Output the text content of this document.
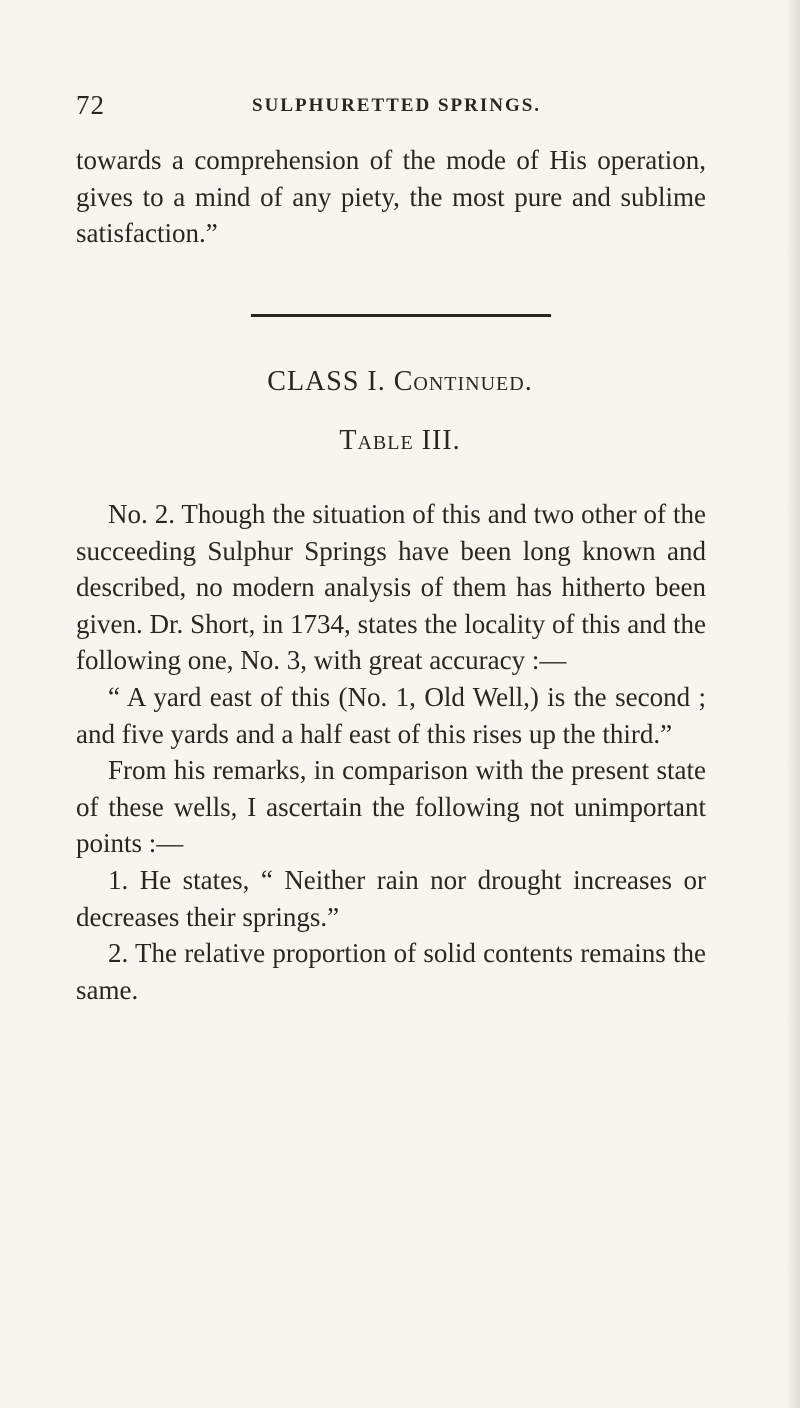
72	SULPHURETTED SPRINGS.

towards a comprehension of the mode of His operation, gives to a mind of any piety, the most pure and sublime satisfaction.”

CLASS I. Continued.
Table III.

No. 2. Though the situation of this and two other of the succeeding Sulphur Springs have been long known and described, no modern analysis of them has hitherto been given. Dr. Short, in 1734, states the locality of this and the following one, No. 3, with great accuracy :—

“ A yard east of this (No. 1, Old Well,) is the second ; and five yards and a half east of this rises up the third.”

From his remarks, in comparison with the present state of these wells, I ascertain the following not unimportant points :—

1. He states, “ Neither rain nor drought increases or decreases their springs.”

2. The relative proportion of solid contents remains the same.
